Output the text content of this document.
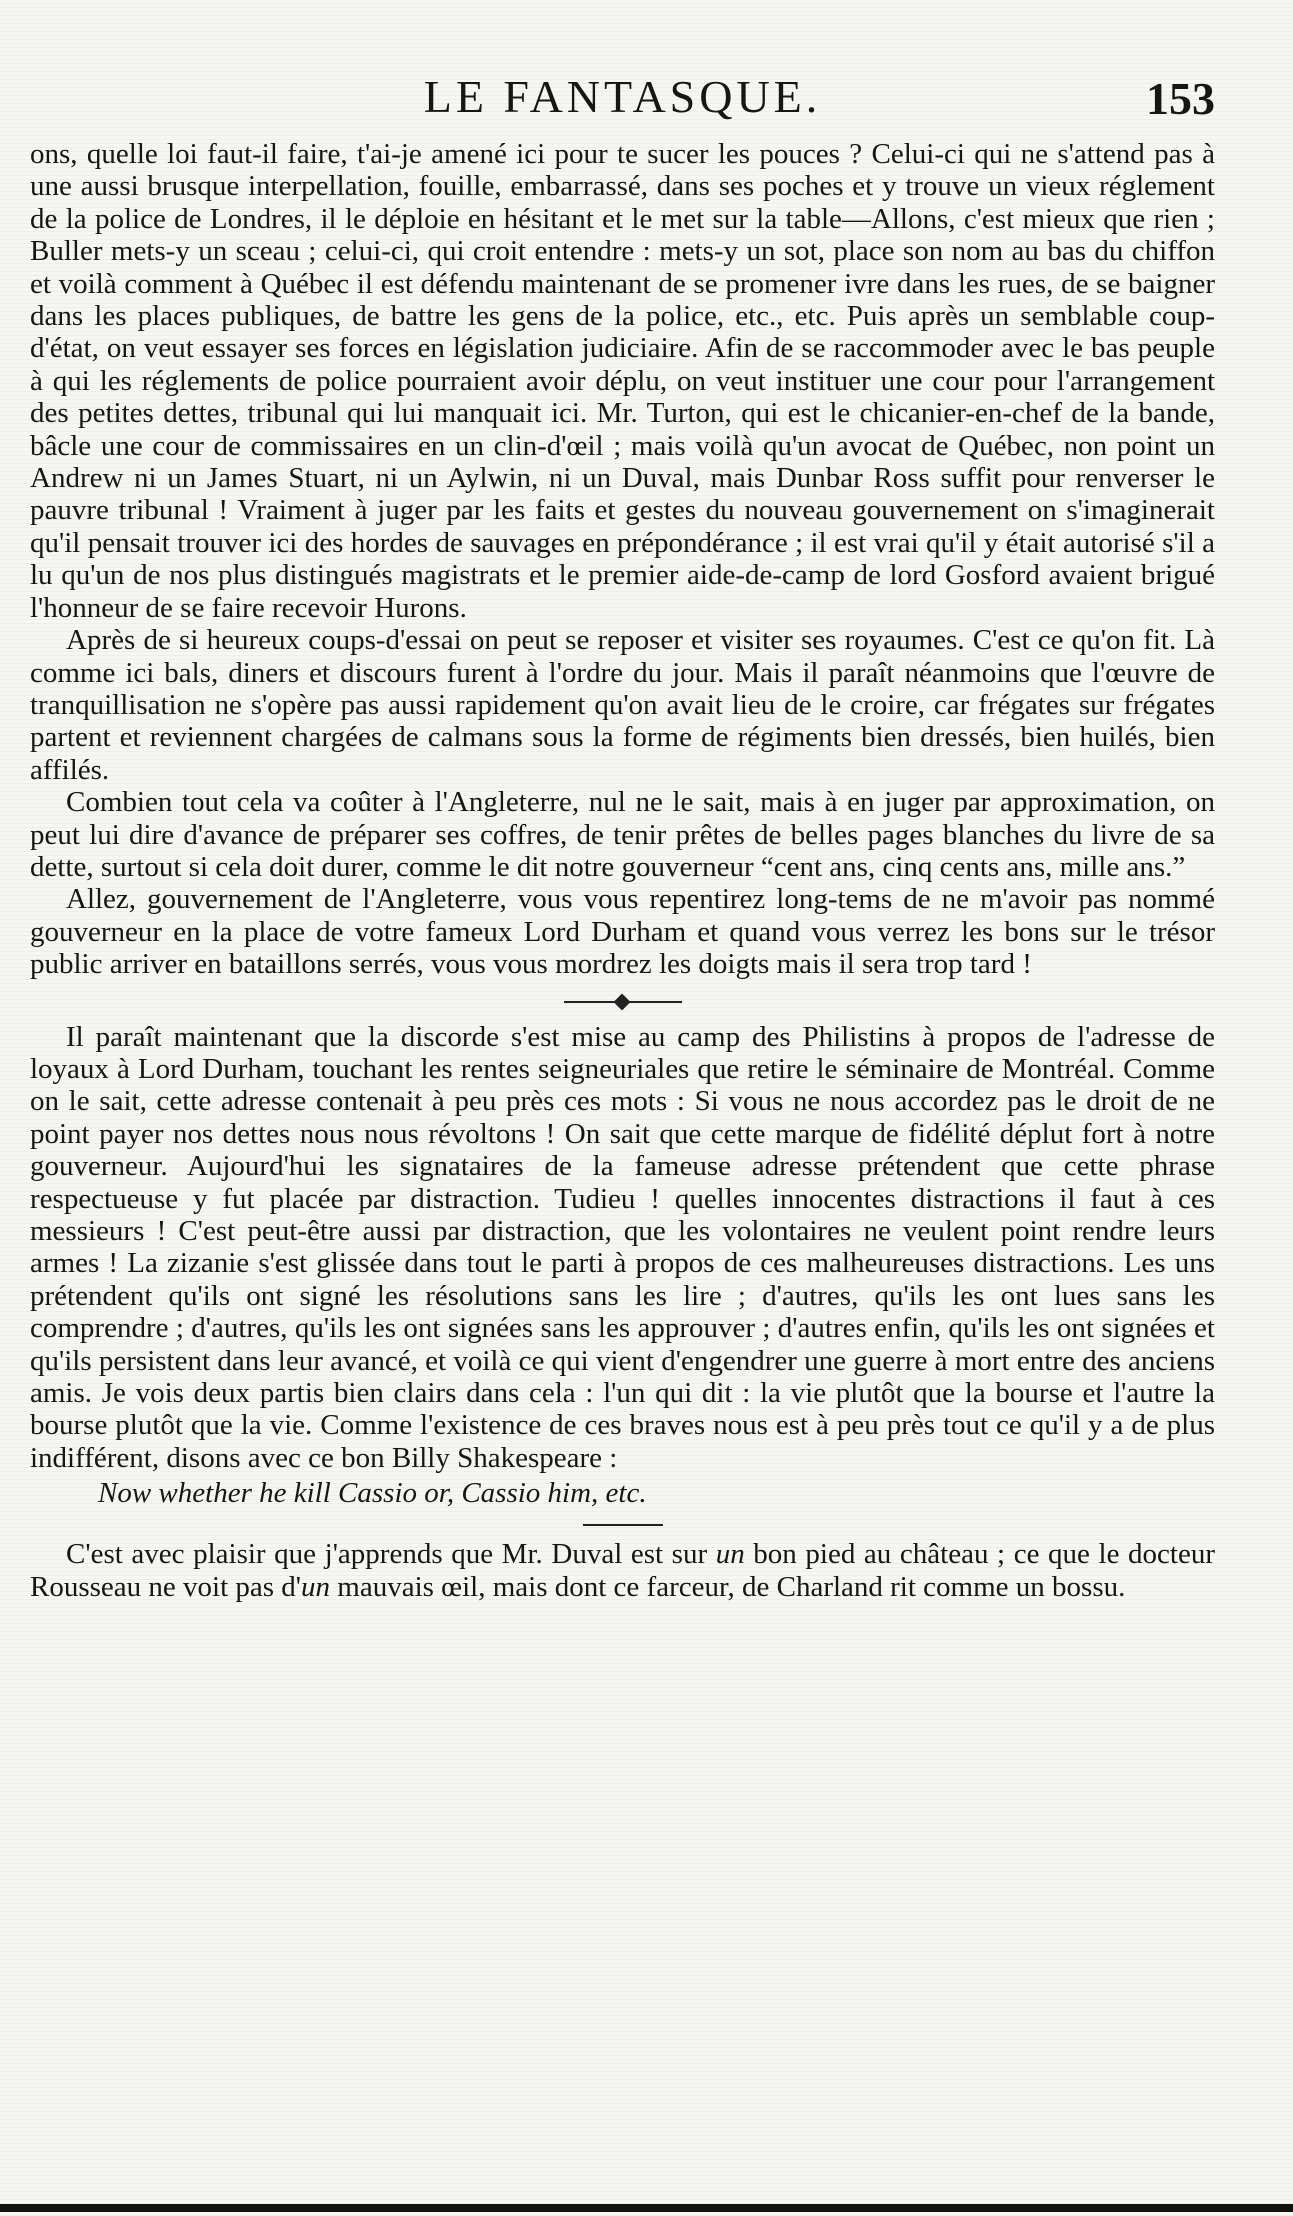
LE FANTASQUE.	153

ons, quelle loi faut-il faire, t'ai-je amené ici pour te sucer les pouces ? Celui-ci qui ne s'attend pas à une aussi brusque interpellation, fouille, embarrassé, dans ses poches et y trouve un vieux réglement de la police de Londres, il le déploie en hésitant et le met sur la table—Allons, c'est mieux que rien ; Buller mets-y un sceau ; celui-ci, qui croit entendre : mets-y un sot, place son nom au bas du chiffon et voilà comment à Québec il est défendu maintenant de se promener ivre dans les rues, de se baigner dans les places publiques, de battre les gens de la police, etc., etc. Puis après un semblable coup-d'état, on veut essayer ses forces en législation judiciaire. Afin de se raccommoder avec le bas peuple à qui les réglements de police pourraient avoir déplu, on veut instituer une cour pour l'arrangement des petites dettes, tribunal qui lui manquait ici. Mr. Turton, qui est le chicanier-en-chef de la bande, bâcle une cour de commissaires en un clin-d'œil ; mais voilà qu'un avocat de Québec, non point un Andrew ni un James Stuart, ni un Aylwin, ni un Duval, mais Dunbar Ross suffit pour renverser le pauvre tribunal ! Vraiment à juger par les faits et gestes du nouveau gouvernement on s'imaginerait qu'il pensait trouver ici des hordes de sauvages en prépondérance ; il est vrai qu'il y était autorisé s'il a lu qu'un de nos plus distingués magistrats et le premier aide-de-camp de lord Gosford avaient brigué l'honneur de se faire recevoir Hurons.

Après de si heureux coups-d'essai on peut se reposer et visiter ses royaumes. C'est ce qu'on fit. Là comme ici bals, diners et discours furent à l'ordre du jour. Mais il paraît néanmoins que l'œuvre de tranquillisation ne s'opère pas aussi rapidement qu'on avait lieu de le croire, car frégates sur frégates partent et reviennent chargées de calmans sous la forme de régiments bien dressés, bien huilés, bien affilés.

Combien tout cela va coûter à l'Angleterre, nul ne le sait, mais à en juger par approximation, on peut lui dire d'avance de préparer ses coffres, de tenir prêtes de belles pages blanches du livre de sa dette, surtout si cela doit durer, comme le dit notre gouverneur “cent ans, cinq cents ans, mille ans.”

Allez, gouvernement de l'Angleterre, vous vous repentirez long-tems de ne m'avoir pas nommé gouverneur en la place de votre fameux Lord Durham et quand vous verrez les bons sur le trésor public arriver en bataillons serrés, vous vous mordrez les doigts mais il sera trop tard !

Il paraît maintenant que la discorde s'est mise au camp des Philistins à propos de l'adresse de loyaux à Lord Durham, touchant les rentes seigneuriales que retire le séminaire de Montréal. Comme on le sait, cette adresse contenait à peu près ces mots : Si vous ne nous accordez pas le droit de ne point payer nos dettes nous nous révoltons ! On sait que cette marque de fidélité déplut fort à notre gouverneur. Aujourd'hui les signataires de la fameuse adresse prétendent que cette phrase respectueuse y fut placée par distraction. Tudieu ! quelles innocentes distractions il faut à ces messieurs ! C'est peut-être aussi par distraction, que les volontaires ne veulent point rendre leurs armes ! La zizanie s'est glissée dans tout le parti à propos de ces malheureuses distractions. Les uns prétendent qu'ils ont signé les résolutions sans les lire ; d'autres, qu'ils les ont lues sans les comprendre ; d'autres, qu'ils les ont signées sans les approuver ; d'autres enfin, qu'ils les ont signées et qu'ils persistent dans leur avancé, et voilà ce qui vient d'engendrer une guerre à mort entre des anciens amis. Je vois deux partis bien clairs dans cela : l'un qui dit : la vie plutôt que la bourse et l'autre la bourse plutôt que la vie. Comme l'existence de ces braves nous est à peu près tout ce qu'il y a de plus indifférent, disons avec ce bon Billy Shakespeare :

Now whether he kill Cassio or, Cassio him, etc.

C'est avec plaisir que j'apprends que Mr. Duval est sur un bon pied au château ; ce que le docteur Rousseau ne voit pas d'un mauvais œil, mais dont ce farceur, de Charland rit comme un bossu.
